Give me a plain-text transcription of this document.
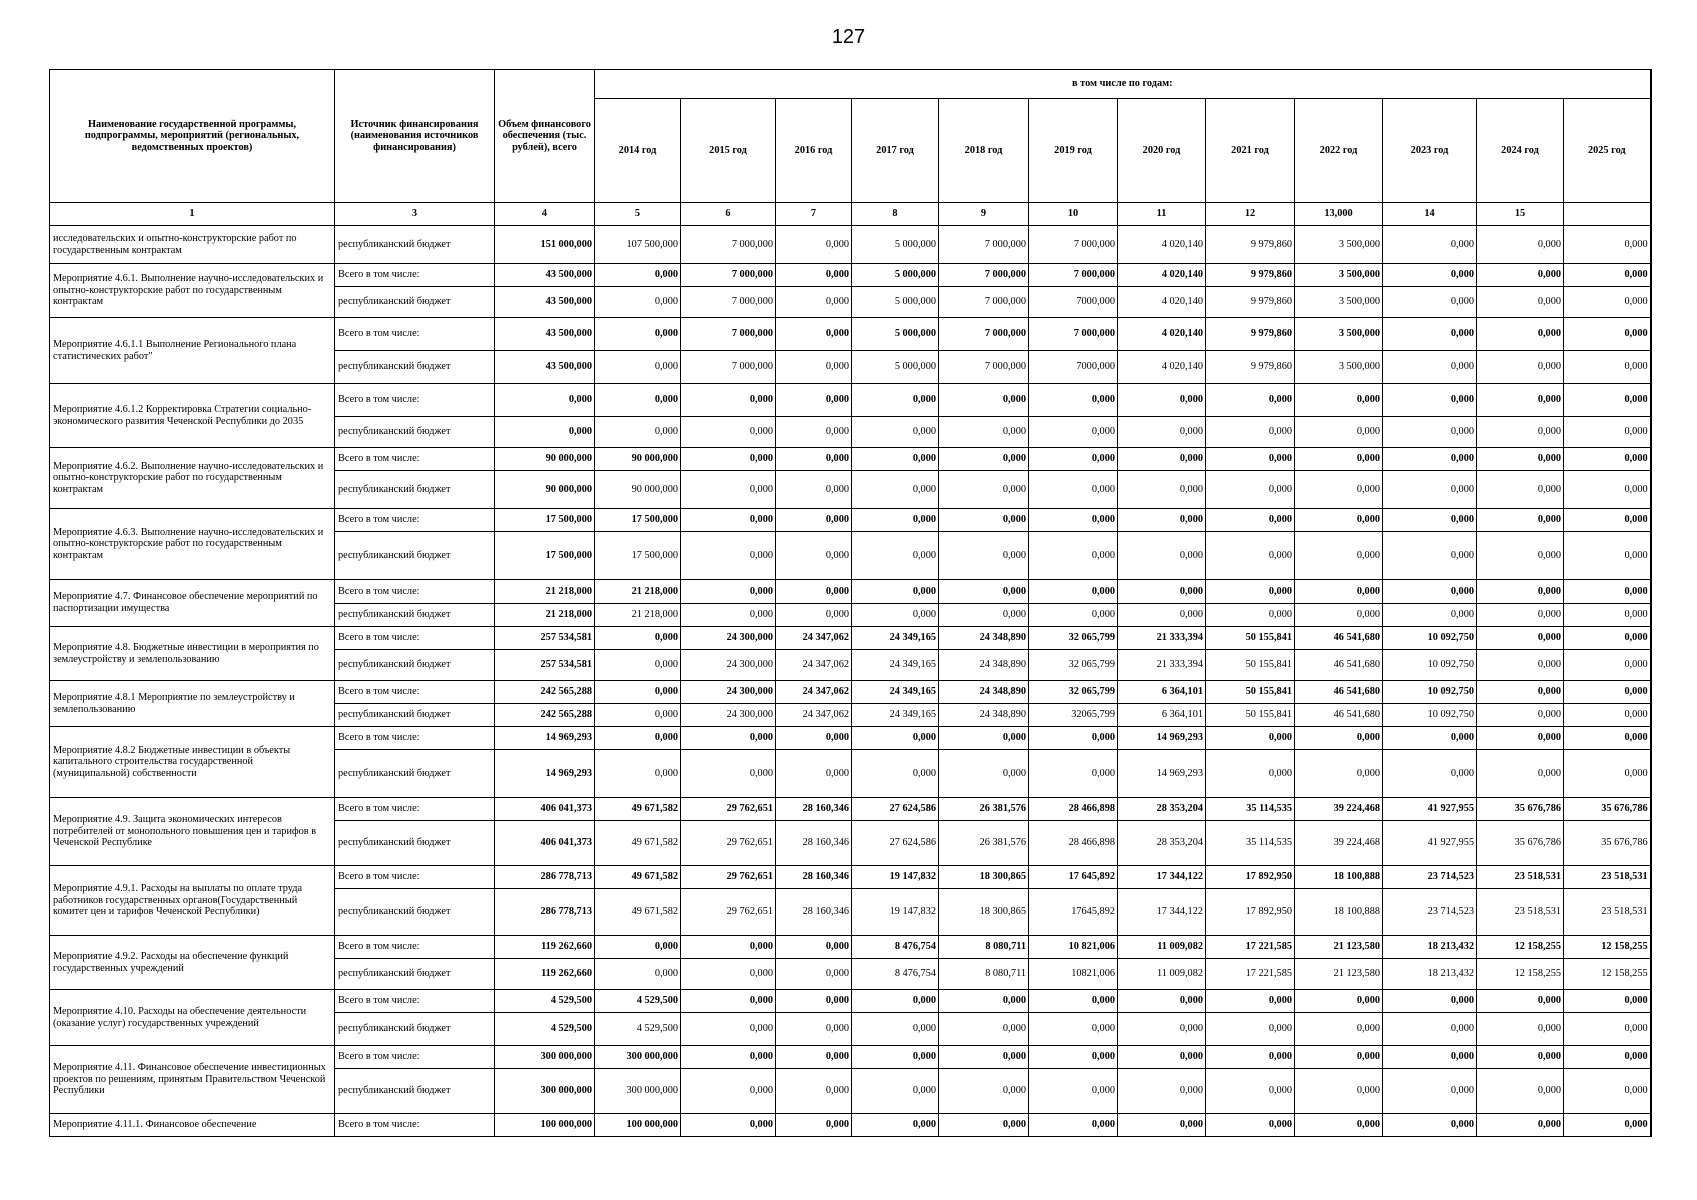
127
Наименование государственной программы, подпрограммы, мероприятий (региональных, ведомственных проектов)	Источник финансирования (наименования источников финансирования)	Объем финансового обеспечения (тыс. рублей), всего	в том числе по годам:											
			2014 год	2015 год	2016 год	2017 год	2018 год	2019 год	2020 год	2021 год	2022 год	2023 год	2024 год	2025 год
1	3	4	5	6	7	8	9	10	11	12	13,000	14	15	
исследовательских и опытно-конструкторские работ по государственным контрактам	республиканский бюджет	151 000,000	107 500,000	7 000,000	0,000	5 000,000	7 000,000	7 000,000	4 020,140	9 979,860	3 500,000	0,000	0,000	0,000
Мероприятие 4.6.1. Выполнение научно-исследовательских и опытно-конструкторские работ по государственным контрактам	Всего в том числе:	43 500,000	0,000	7 000,000	0,000	5 000,000	7 000,000	7 000,000	4 020,140	9 979,860	3 500,000	0,000	0,000	0,000
	республиканский бюджет	43 500,000	0,000	7 000,000	0,000	5 000,000	7 000,000	7000,000	4 020,140	9 979,860	3 500,000	0,000	0,000	0,000
Мероприятие 4.6.1.1 Выполнение Регионального плана статистических работ"	Всего в том числе:	43 500,000	0,000	7 000,000	0,000	5 000,000	7 000,000	7 000,000	4 020,140	9 979,860	3 500,000	0,000	0,000	0,000
	республиканский бюджет	43 500,000	0,000	7 000,000	0,000	5 000,000	7 000,000	7000,000	4 020,140	9 979,860	3 500,000	0,000	0,000	0,000
Мероприятие 4.6.1.2 Корректировка Стратегии социально-экономического развития Чеченской Республики до 2035	Всего в том числе:	0,000	0,000	0,000	0,000	0,000	0,000	0,000	0,000	0,000	0,000	0,000	0,000	0,000
	республиканский бюджет	0,000	0,000	0,000	0,000	0,000	0,000	0,000	0,000	0,000	0,000	0,000	0,000	0,000
Мероприятие 4.6.2. Выполнение научно-исследовательских и опытно-конструкторские работ по государственным контрактам	Всего в том числе:	90 000,000	90 000,000	0,000	0,000	0,000	0,000	0,000	0,000	0,000	0,000	0,000	0,000	0,000
	республиканский бюджет	90 000,000	90 000,000	0,000	0,000	0,000	0,000	0,000	0,000	0,000	0,000	0,000	0,000	0,000
Мероприятие 4.6.3. Выполнение научно-исследовательских и опытно-конструкторские работ по государственным контрактам	Всего в том числе:	17 500,000	17 500,000	0,000	0,000	0,000	0,000	0,000	0,000	0,000	0,000	0,000	0,000	0,000
	республиканский бюджет	17 500,000	17 500,000	0,000	0,000	0,000	0,000	0,000	0,000	0,000	0,000	0,000	0,000	0,000
Мероприятие 4.7. Финансовое обеспечение мероприятий по паспортизации имущества	Всего в том числе:	21 218,000	21 218,000	0,000	0,000	0,000	0,000	0,000	0,000	0,000	0,000	0,000	0,000	0,000
	республиканский бюджет	21 218,000	21 218,000	0,000	0,000	0,000	0,000	0,000	0,000	0,000	0,000	0,000	0,000	0,000
Мероприятие 4.8. Бюджетные инвестиции в мероприятия по землеустройству и землепользованию	Всего в том числе:	257 534,581	0,000	24 300,000	24 347,062	24 349,165	24 348,890	32 065,799	21 333,394	50 155,841	46 541,680	10 092,750	0,000	0,000
	республиканский бюджет	257 534,581	0,000	24 300,000	24 347,062	24 349,165	24 348,890	32 065,799	21 333,394	50 155,841	46 541,680	10 092,750	0,000	0,000
Мероприятие 4.8.1 Мероприятие по землеустройству и землепользованию	Всего в том числе:	242 565,288	0,000	24 300,000	24 347,062	24 349,165	24 348,890	32 065,799	6 364,101	50 155,841	46 541,680	10 092,750	0,000	0,000
	республиканский бюджет	242 565,288	0,000	24 300,000	24 347,062	24 349,165	24 348,890	32065,799	6 364,101	50 155,841	46 541,680	10 092,750	0,000	0,000
Мероприятие 4.8.2 Бюджетные инвестиции в объекты капитального строительства государственной (муниципальной) собственности	Всего в том числе:	14 969,293	0,000	0,000	0,000	0,000	0,000	0,000	14 969,293	0,000	0,000	0,000	0,000	0,000
	республиканский бюджет	14 969,293	0,000	0,000	0,000	0,000	0,000	0,000	14 969,293	0,000	0,000	0,000	0,000	0,000
Мероприятие 4.9. Защита экономических интересов потребителей от монопольного повышения цен и тарифов в Чеченской Республике	Всего в том числе:	406 041,373	49 671,582	29 762,651	28 160,346	27 624,586	26 381,576	28 466,898	28 353,204	35 114,535	39 224,468	41 927,955	35 676,786	35 676,786
	республиканский бюджет	406 041,373	49 671,582	29 762,651	28 160,346	27 624,586	26 381,576	28 466,898	28 353,204	35 114,535	39 224,468	41 927,955	35 676,786	35 676,786
Мероприятие 4.9.1. Расходы на выплаты по оплате труда работников государственных органов(Государственный комитет цен и тарифов Чеченской Республики)	Всего в том числе:	286 778,713	49 671,582	29 762,651	28 160,346	19 147,832	18 300,865	17 645,892	17 344,122	17 892,950	18 100,888	23 714,523	23 518,531	23 518,531
	республиканский бюджет	286 778,713	49 671,582	29 762,651	28 160,346	19 147,832	18 300,865	17645,892	17 344,122	17 892,950	18 100,888	23 714,523	23 518,531	23 518,531
Мероприятие 4.9.2. Расходы на обеспечение функций государственных учреждений	Всего в том числе:	119 262,660	0,000	0,000	0,000	8 476,754	8 080,711	10 821,006	11 009,082	17 221,585	21 123,580	18 213,432	12 158,255	12 158,255
	республиканский бюджет	119 262,660	0,000	0,000	0,000	8 476,754	8 080,711	10821,006	11 009,082	17 221,585	21 123,580	18 213,432	12 158,255	12 158,255
Мероприятие 4.10. Расходы на обеспечение деятельности (оказание услуг) государственных учреждений	Всего в том числе:	4 529,500	4 529,500	0,000	0,000	0,000	0,000	0,000	0,000	0,000	0,000	0,000	0,000	0,000
	республиканский бюджет	4 529,500	4 529,500	0,000	0,000	0,000	0,000	0,000	0,000	0,000	0,000	0,000	0,000	0,000
Мероприятие 4.11. Финансовое обеспечение инвестиционных проектов по решениям, принятым Правительством Чеченской Республики	Всего в том числе:	300 000,000	300 000,000	0,000	0,000	0,000	0,000	0,000	0,000	0,000	0,000	0,000	0,000	0,000
	республиканский бюджет	300 000,000	300 000,000	0,000	0,000	0,000	0,000	0,000	0,000	0,000	0,000	0,000	0,000	0,000
Мероприятие 4.11.1. Финансовое обеспечение	Всего в том числе:	100 000,000	100 000,000	0,000	0,000	0,000	0,000	0,000	0,000	0,000	0,000	0,000	0,000	0,000
